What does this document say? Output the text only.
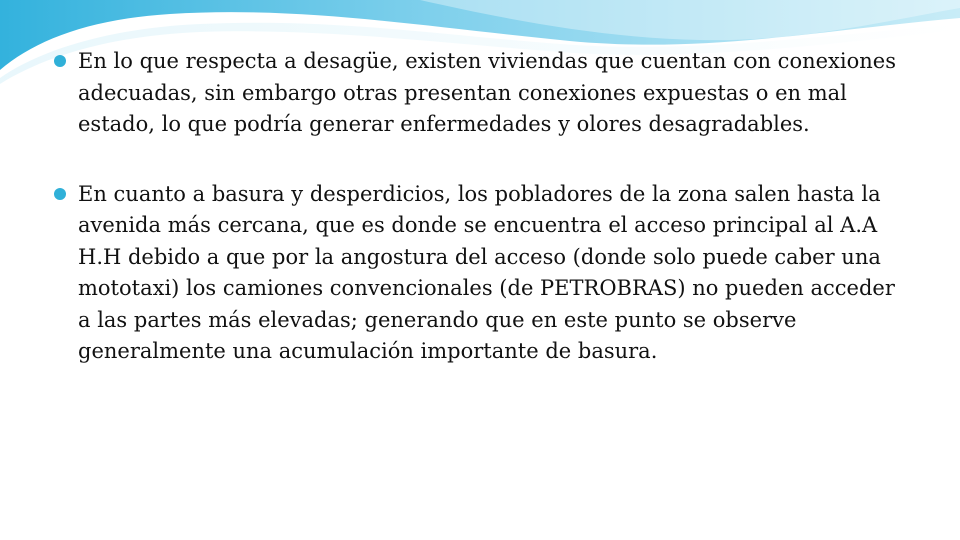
En lo que respecta a desagüe, existen viviendas que cuentan con conexiones adecuadas, sin embargo otras presentan conexiones expuestas o en mal estado, lo que podría generar enfermedades y olores desagradables.
En cuanto a basura y desperdicios, los pobladores de la zona salen hasta la avenida más cercana, que es donde se encuentra el acceso principal al A.A H.H debido a que por la angostura del acceso (donde solo puede caber una mototaxi) los camiones convencionales (de PETROBRAS) no pueden acceder a las partes más elevadas; generando que en este punto se observe generalmente una acumulación importante de basura.
